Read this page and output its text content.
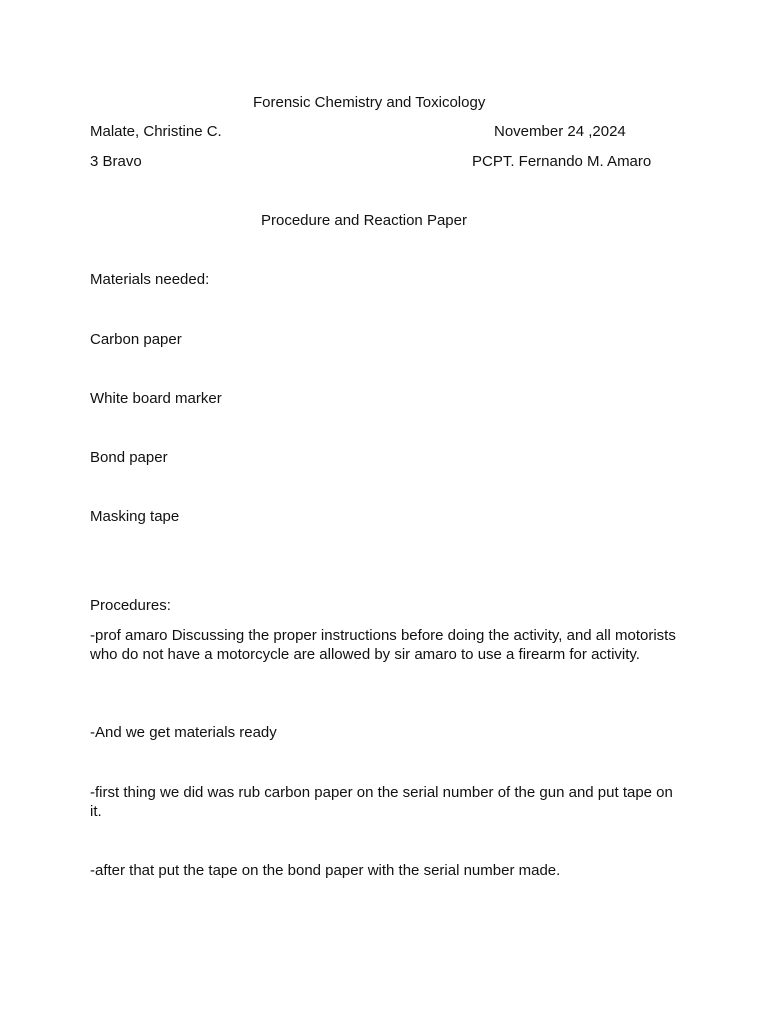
Forensic Chemistry and Toxicology
Malate, Christine C.	November 24 ,2024
3 Bravo	PCPT. Fernando M. Amaro
Procedure and Reaction Paper
Materials needed:
Carbon paper
White board marker
Bond paper
Masking tape
Procedures:
-prof amaro Discussing the proper instructions before doing the activity, and all motorists who do not have a motorcycle are allowed by sir amaro to use a firearm for activity.
-And we get materials ready
-first thing we did was rub carbon paper on the serial number of the gun and put tape on it.
-after that put the tape on the bond paper with the serial number made.
